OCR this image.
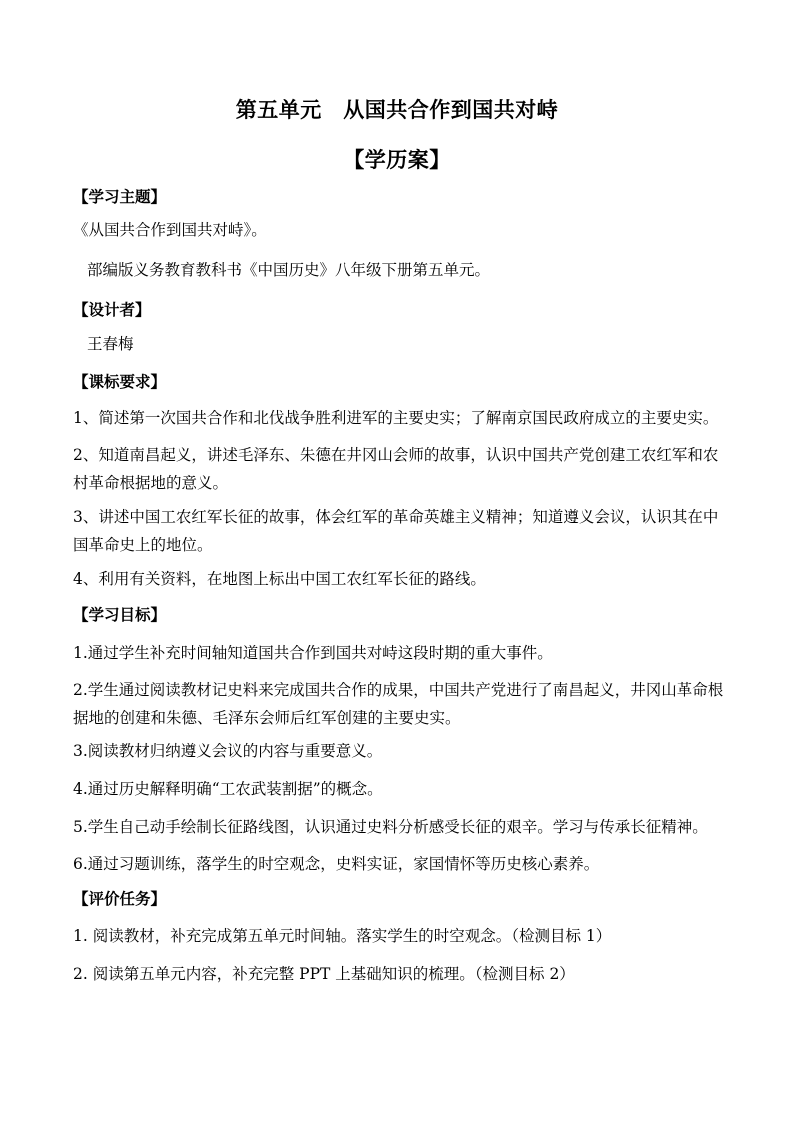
第五单元　从国共合作到国共对峙
【学历案】
【学习主题】
《从国共合作到国共对峙》。
部编版义务教育教科书《中国历史》八年级下册第五单元。
【设计者】
王春梅
【课标要求】
1、简述第一次国共合作和北伐战争胜利进军的主要史实；了解南京国民政府成立的主要史实。
2、知道南昌起义，讲述毛泽东、朱德在井冈山会师的故事，认识中国共产党创建工农红军和农村革命根据地的意义。
3、讲述中国工农红军长征的故事，体会红军的革命英雄主义精神；知道遵义会议，认识其在中国革命史上的地位。
4、利用有关资料，在地图上标出中国工农红军长征的路线。
【学习目标】
1.通过学生补充时间轴知道国共合作到国共对峙这段时期的重大事件。
2.学生通过阅读教材记史料来完成国共合作的成果，中国共产党进行了南昌起义，井冈山革命根据地的创建和朱德、毛泽东会师后红军创建的主要史实。
3.阅读教材归纳遵义会议的内容与重要意义。
4.通过历史解释明确“工农武装割据”的概念。
5.学生自己动手绘制长征路线图，认识通过史料分析感受长征的艰辛。学习与传承长征精神。
6.通过习题训练，落学生的时空观念，史料实证，家国情怀等历史核心素养。
【评价任务】
1. 阅读教材，补充完成第五单元时间轴。落实学生的时空观念。（检测目标 1）
2. 阅读第五单元内容，补充完整 PPT 上基础知识的梳理。（检测目标 2）
